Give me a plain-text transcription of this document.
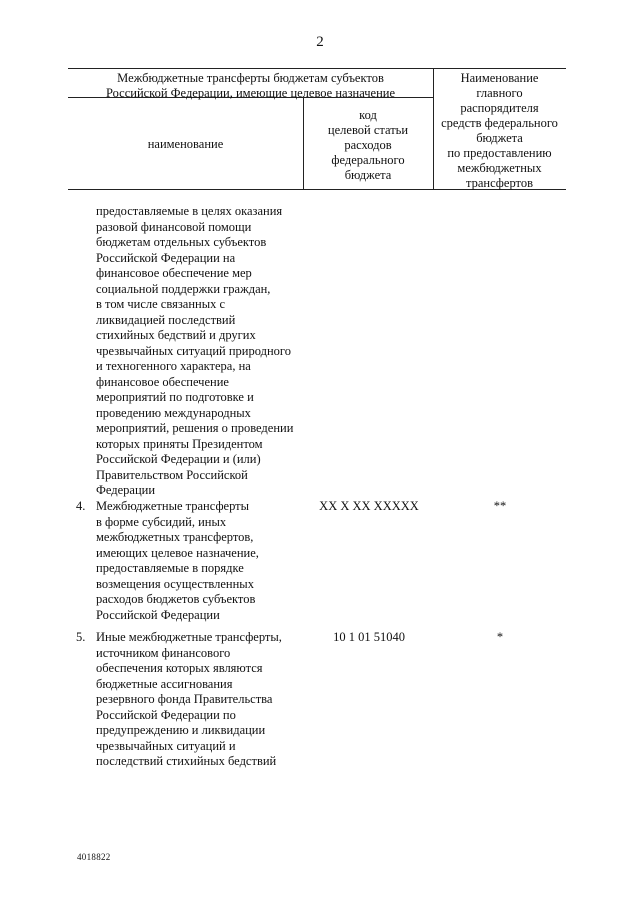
2
Межбюджетные трансферты бюджетам субъектов
Российской Федерации, имеющие целевое назначение
наименование
код
целевой статьи
расходов
федерального
бюджета
Наименование
главного
распорядителя
средств федерального
бюджета
по предоставлению
межбюджетных
трансфертов
предоставляемые в целях оказания
разовой финансовой помощи
бюджетам отдельных субъектов
Российской Федерации на
финансовое обеспечение мер
социальной поддержки граждан,
в том числе связанных с
ликвидацией последствий
стихийных бедствий и других
чрезвычайных ситуаций природного
и техногенного характера, на
финансовое обеспечение
мероприятий по подготовке и
проведению международных
мероприятий, решения о проведении
которых приняты Президентом
Российской Федерации и (или)
Правительством Российской
Федерации
4. Межбюджетные трансферты
в форме субсидий, иных
межбюджетных трансфертов,
имеющих целевое назначение,
предоставляемые в порядке
возмещения осуществленных
расходов бюджетов субъектов
Российской Федерации
XX X XX XXXXX	**
5. Иные межбюджетные трансферты,
источником финансового
обеспечения которых являются
бюджетные ассигнования
резервного фонда Правительства
Российской Федерации по
предупреждению и ликвидации
чрезвычайных ситуаций и
последствий стихийных бедствий
10 1 01 51040	*
4018822
